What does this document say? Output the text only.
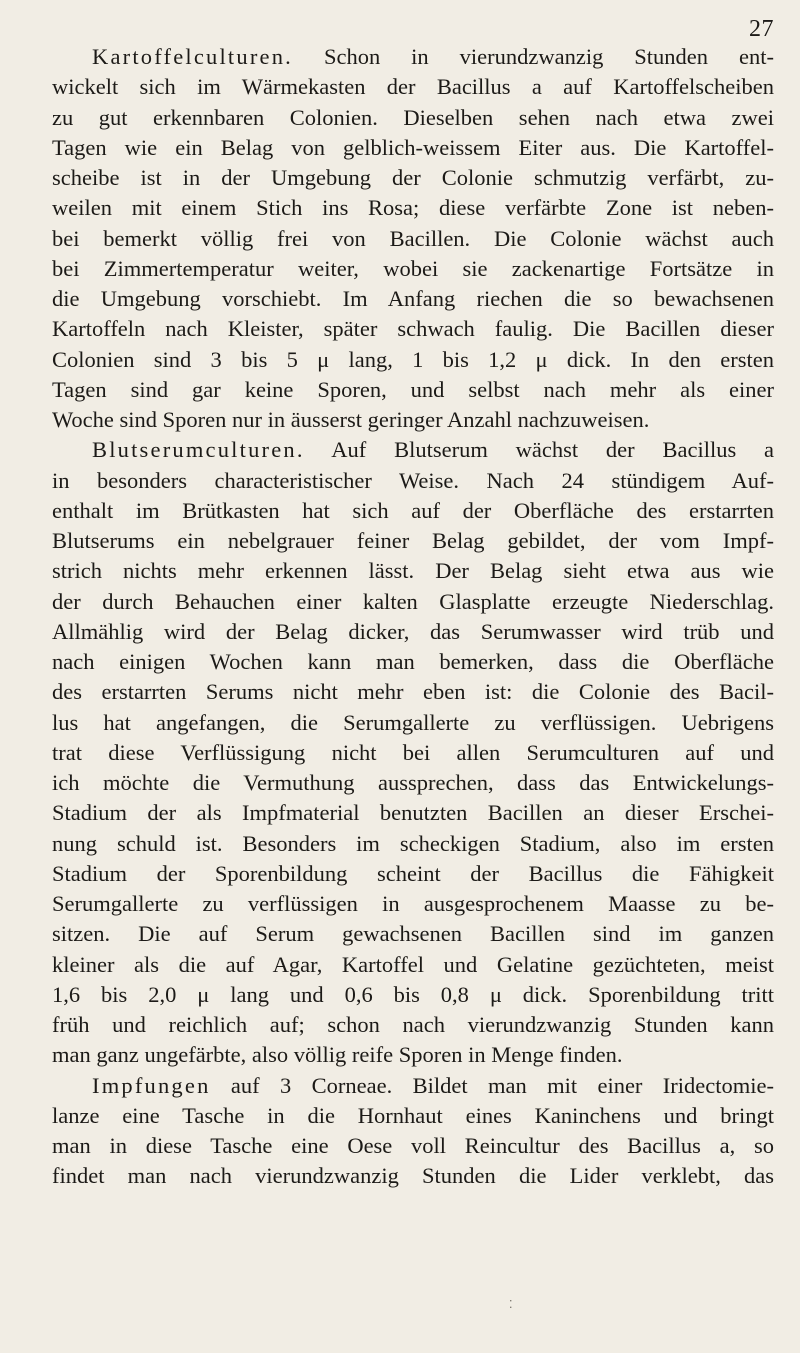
27
Kartoffelculturen. Schon in vierundzwanzig Stunden ent-
wickelt sich im Wärmekasten der Bacillus a auf Kartoffelscheiben
zu gut erkennbaren Colonien. Dieselben sehen nach etwa zwei
Tagen wie ein Belag von gelblich-weissem Eiter aus. Die Kartoffel-
scheibe ist in der Umgebung der Colonie schmutzig verfärbt, zu-
weilen mit einem Stich ins Rosa; diese verfärbte Zone ist neben-
bei bemerkt völlig frei von Bacillen. Die Colonie wächst auch
bei Zimmertemperatur weiter, wobei sie zackenartige Fortsätze in
die Umgebung vorschiebt. Im Anfang riechen die so bewachsenen
Kartoffeln nach Kleister, später schwach faulig. Die Bacillen dieser
Colonien sind 3 bis 5 μ lang, 1 bis 1,2 μ dick. In den ersten
Tagen sind gar keine Sporen, und selbst nach mehr als einer
Woche sind Sporen nur in äusserst geringer Anzahl nachzuweisen.
Blutserumculturen. Auf Blutserum wächst der Bacillus a
in besonders characteristischer Weise. Nach 24 stündigem Auf-
enthalt im Brütkasten hat sich auf der Oberfläche des erstarrten
Blutserums ein nebelgrauer feiner Belag gebildet, der vom Impf-
strich nichts mehr erkennen lässt. Der Belag sieht etwa aus wie
der durch Behauchen einer kalten Glasplatte erzeugte Niederschlag.
Allmählig wird der Belag dicker, das Serumwasser wird trüb und
nach einigen Wochen kann man bemerken, dass die Oberfläche
des erstarrten Serums nicht mehr eben ist: die Colonie des Bacil-
lus hat angefangen, die Serumgallerte zu verflüssigen. Uebrigens
trat diese Verflüssigung nicht bei allen Serumculturen auf und
ich möchte die Vermuthung aussprechen, dass das Entwickelungs-
Stadium der als Impfmaterial benutzten Bacillen an dieser Erschei-
nung schuld ist. Besonders im scheckigen Stadium, also im ersten
Stadium der Sporenbildung scheint der Bacillus die Fähigkeit
Serumgallerte zu verflüssigen in ausgesprochenem Maasse zu be-
sitzen. Die auf Serum gewachsenen Bacillen sind im ganzen
kleiner als die auf Agar, Kartoffel und Gelatine gezüchteten, meist
1,6 bis 2,0 μ lang und 0,6 bis 0,8 μ dick. Sporenbildung tritt
früh und reichlich auf; schon nach vierundzwanzig Stunden kann
man ganz ungefärbte, also völlig reife Sporen in Menge finden.
Impfungen auf 3 Corneae. Bildet man mit einer Iridectomie-
lanze eine Tasche in die Hornhaut eines Kaninchens und bringt
man in diese Tasche eine Oese voll Reincultur des Bacillus a, so
findet man nach vierundzwanzig Stunden die Lider verklebt, das
⁚
